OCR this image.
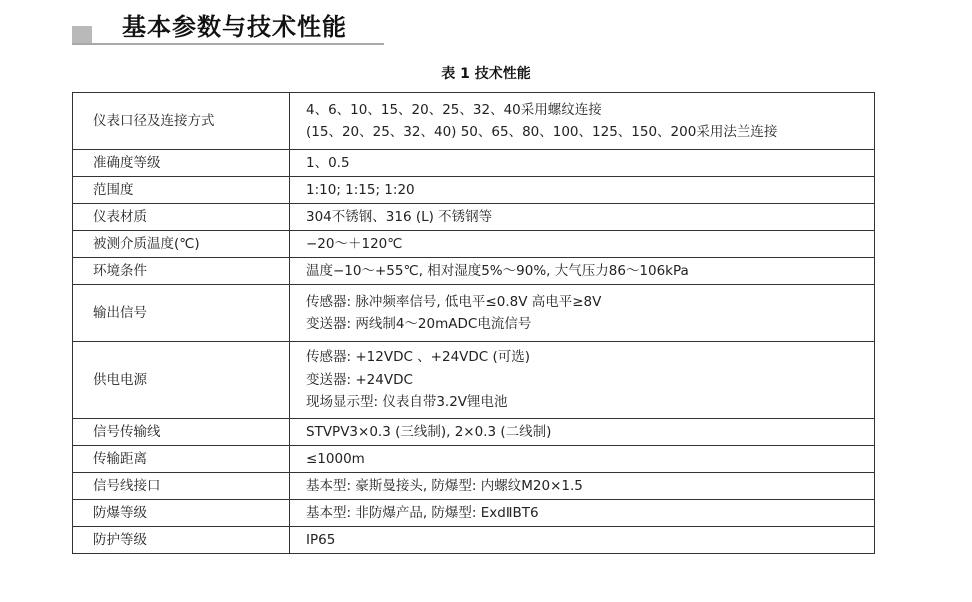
基本参数与技术性能
表 1 技术性能
仪表口径及连接方式	4、6、10、15、20、25、32、40采用螺纹连接
(15、20、25、32、40) 50、65、80、100、125、150、200采用法兰连接

准确度等级	1、0.5

范围度	1:10; 1:15; 1:20

仪表材质	304不锈钢、316 (L) 不锈钢等

被测介质温度(℃)	−20～＋120℃

环境条件	温度−10～+55℃, 相对湿度5%～90%, 大气压力86～106kPa

输出信号	传感器: 脉冲频率信号, 低电平≤0.8V 高电平≥8V
变送器: 两线制4～20mADC电流信号

供电电源	传感器: +12VDC 、+24VDC (可选)
变送器: +24VDC
现场显示型: 仪表自带3.2V锂电池

信号传输线	STVPV3×0.3 (三线制), 2×0.3 (二线制)

传输距离	≤1000m

信号线接口	基本型: 豪斯曼接头, 防爆型: 内螺纹M20×1.5

防爆等级	基本型: 非防爆产品, 防爆型: ExdⅡBT6

防护等级	IP65
